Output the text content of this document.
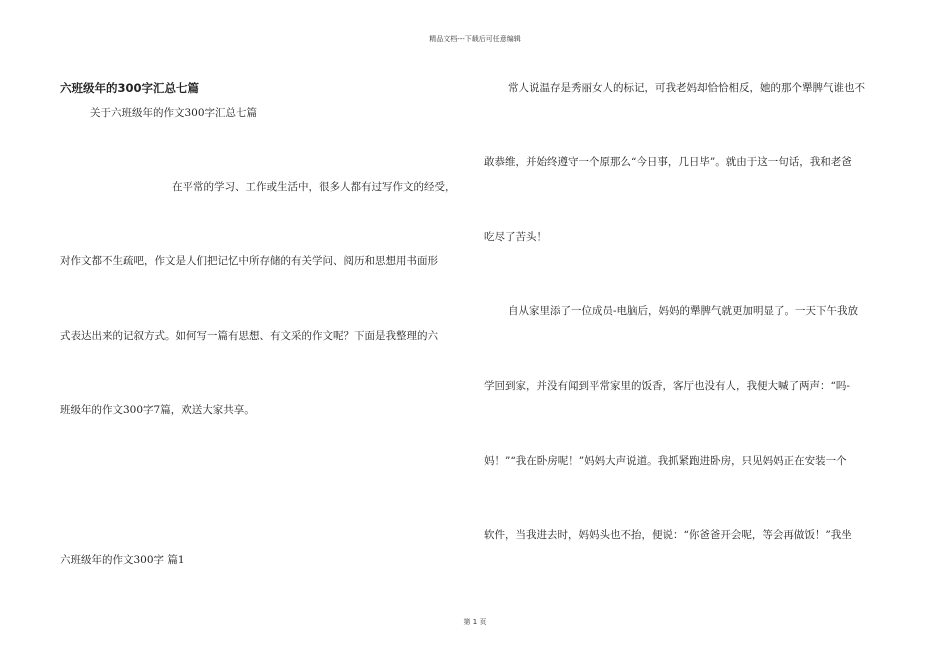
精品文档---下载后可任意编辑
六班级年的300字汇总七篇
关于六班级年的作文300字汇总七篇
在平常的学习、工作或生活中，很多人都有过写作文的经受，
对作文都不生疏吧，作文是人们把记忆中所存储的有关学问、阅历和思想用书面形
式表达出来的记叙方式。如何写一篇有思想、有文采的作文呢？下面是我整理的六
班级年的作文300字7篇，欢送大家共享。
六班级年的作文300字 篇1
常人说温存是秀丽女人的标记，可我老妈却恰恰相反，她的那个犟脾气谁也不
敢恭维，并始终遵守一个原那么“今日事，几日毕”。就由于这一句话，我和老爸
吃尽了苦头！
自从家里添了一位成员-电脑后，妈妈的犟脾气就更加明显了。一天下午我放
学回到家，并没有闻到平常家里的饭香，客厅也没有人，我便大喊了两声：“吗-
妈！”“我在卧房呢！”妈妈大声说道。我抓紧跑进卧房，只见妈妈正在安装一个
软件，当我进去时，妈妈头也不抬，便说：“你爸爸开会呢，等会再做饭！”我坐
第 1 页
